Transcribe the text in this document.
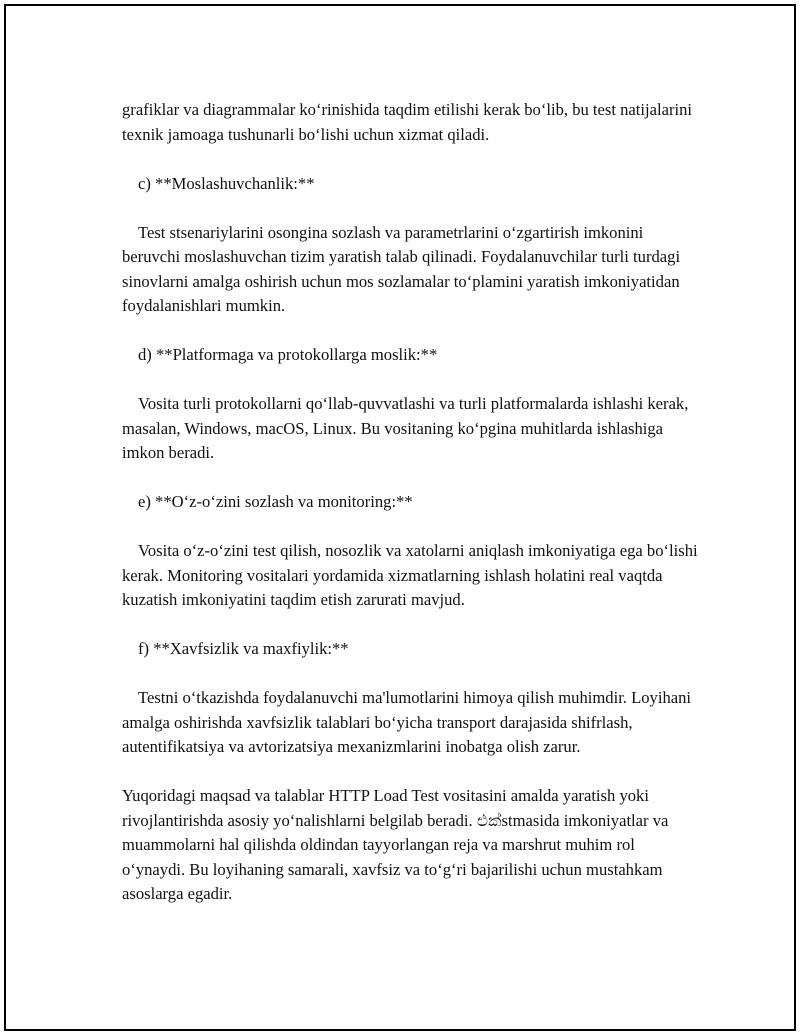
grafiklar va diagrammalar koʻrinishida taqdim etilishi kerak boʻlib, bu test natijalarini texnik jamoaga tushunarli boʻlishi uchun xizmat qiladi.

c) **Moslashuvchanlik:**

Test stsenariylarini osongina sozlash va parametrlarini oʻzgartirish imkonini beruvchi moslashuvchan tizim yaratish talab qilinadi. Foydalanuvchilar turli turdagi sinovlarni amalga oshirish uchun mos sozlamalar toʻplamini yaratish imkoniyatidan foydalanishlari mumkin.

d) **Platformaga va protokollarga moslik:**

Vosita turli protokollarni qoʻllab-quvvatlashi va turli platformalarda ishlashi kerak, masalan, Windows, macOS, Linux. Bu vositaning koʻpgina muhitlarda ishlashiga imkon beradi.

e) **Oʻz-oʻzini sozlash va monitoring:**

Vosita oʻz-oʻzini test qilish, nosozlik va xatolarni aniqlash imkoniyatiga ega boʻlishi kerak. Monitoring vositalari yordamida xizmatlarning ishlash holatini real vaqtda kuzatish imkoniyatini taqdim etish zarurati mavjud.

f) **Xavfsizlik va maxfiylik:**

Testni oʻtkazishda foydalanuvchi ma'lumotlarini himoya qilish muhimdir. Loyihani amalga oshirishda xavfsizlik talablari boʻyicha transport darajasida shifrlash, autentifikatsiya va avtorizatsiya mexanizmlarini inobatga olish zarur.

Yuqoridagi maqsad va talablar HTTP Load Test vositasini amalda yaratish yoki rivojlantirishda asosiy yoʻnalishlarni belgilab beradi. එක්stmasida imkoniyatlar va muammolarni hal qilishda oldindan tayyorlangan reja va marshrut muhim rol oʻynaydi. Bu loyihaning samarali, xavfsiz va toʻgʻri bajarilishi uchun mustahkam asoslarga egadir.
